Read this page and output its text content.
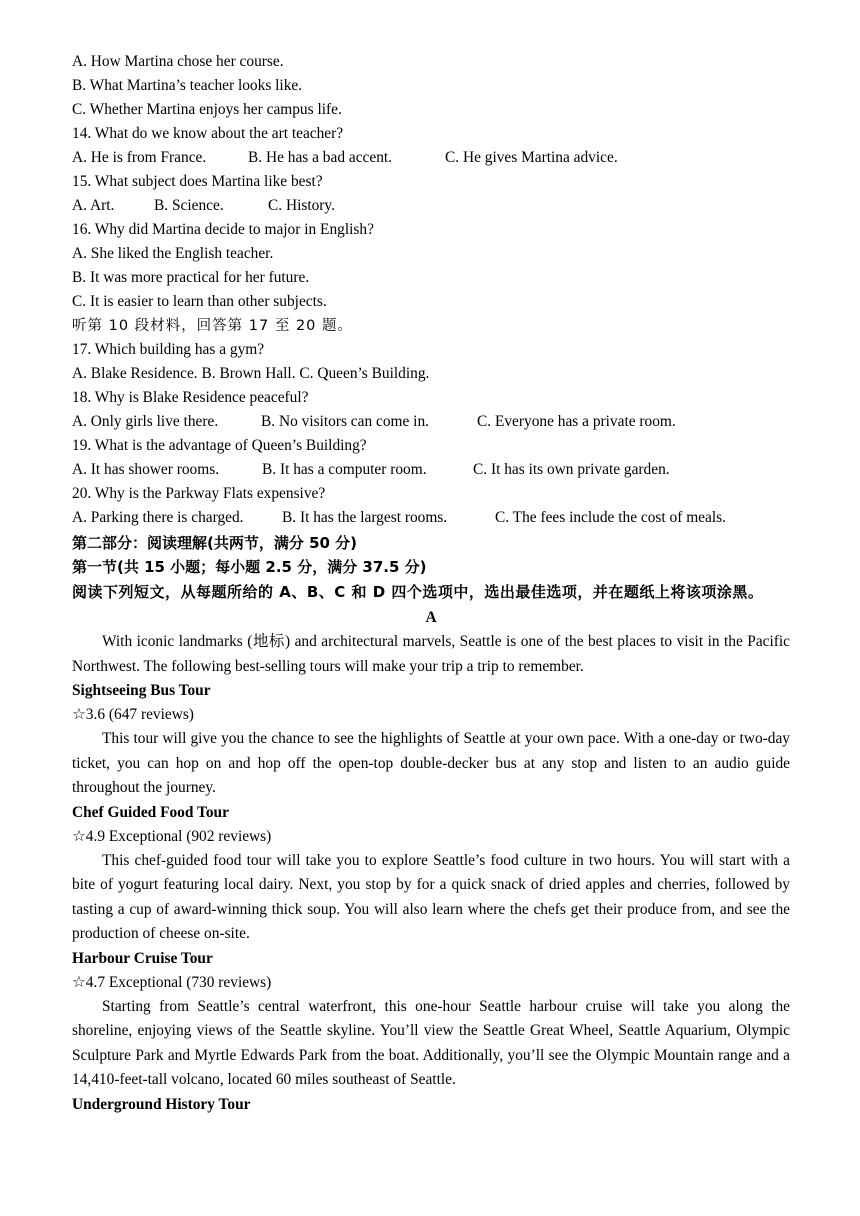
A. How Martina chose her course.
B. What Martina’s teacher looks like.
C. Whether Martina enjoys her campus life.
14. What do we know about the art teacher?
A. He is from France.	B. He has a bad accent.	C. He gives Martina advice.
15. What subject does Martina like best?
A. Art.	B. Science.	C. History.
16. Why did Martina decide to major in English?
A. She liked the English teacher.
B. It was more practical for her future.
C. It is easier to learn than other subjects.
听第 10 段材料，回答第 17 至 20 题。
17. Which building has a gym?
A. Blake Residence. B. Brown Hall. C. Queen’s Building.
18. Why is Blake Residence peaceful?
A. Only girls live there.	B. No visitors can come in.	C. Everyone has a private room.
19. What is the advantage of Queen’s Building?
A. It has shower rooms.	B. It has a computer room.	C. It has its own private garden.
20. Why is the Parkway Flats expensive?
A. Parking there is charged.	B. It has the largest rooms.	C. The fees include the cost of meals.
第二部分：阅读理解(共两节，满分 50 分)
第一节(共 15 小题；每小题 2.5 分，满分 37.5 分)
阅读下列短文，从每题所给的 A、B、C 和 D 四个选项中，选出最佳选项，并在题纸上将该项涂黑。
A

With iconic landmarks (地标) and architectural marvels, Seattle is one of the best places to visit in the Pacific Northwest. The following best-selling tours will make your trip a trip to remember.

Sightseeing Bus Tour
☆3.6 (647 reviews)

This tour will give you the chance to see the highlights of Seattle at your own pace. With a one-day or two-day ticket, you can hop on and hop off the open-top double-decker bus at any stop and listen to an audio guide throughout the journey.

Chef Guided Food Tour
☆4.9 Exceptional (902 reviews)

This chef-guided food tour will take you to explore Seattle’s food culture in two hours. You will start with a bite of yogurt featuring local dairy. Next, you stop by for a quick snack of dried apples and cherries, followed by tasting a cup of award-winning thick soup. You will also learn where the chefs get their produce from, and see the production of cheese on-site.

Harbour Cruise Tour
☆4.7 Exceptional (730 reviews)

Starting from Seattle’s central waterfront, this one-hour Seattle harbour cruise will take you along the shoreline, enjoying views of the Seattle skyline. You’ll view the Seattle Great Wheel, Seattle Aquarium, Olympic Sculpture Park and Myrtle Edwards Park from the boat. Additionally, you’ll see the Olympic Mountain range and a 14,410-feet-tall volcano, located 60 miles southeast of Seattle.

Underground History Tour
